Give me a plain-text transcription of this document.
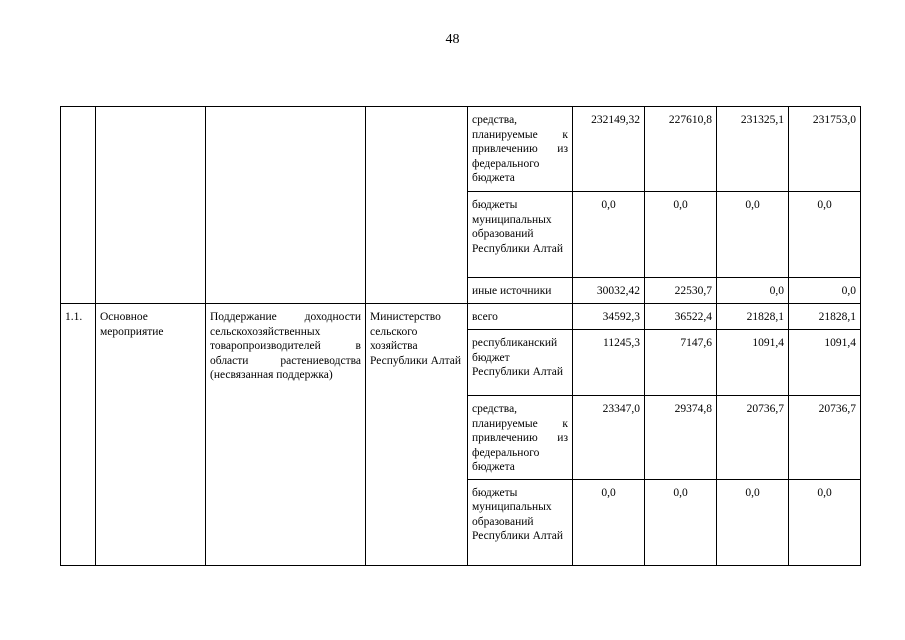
48
				средства, планируемые к привлечению из федерального бюджета	232149,32	227610,8	231325,1	231753,0
				бюджеты муниципальных образований Республики Алтай	0,0	0,0	0,0	0,0
				иные источники	30032,42	22530,7	0,0	0,0
1.1.	Основное мероприятие	Поддержание доходности сельскохозяйственных товаропроизводителей в области растениеводства (несвязанная поддержка)	Министерство сельского хозяйства Республики Алтай	всего	34592,3	36522,4	21828,1	21828,1
				республиканский бюджет Республики Алтай	11245,3	7147,6	1091,4	1091,4
				средства, планируемые к привлечению из федерального бюджета	23347,0	29374,8	20736,7	20736,7
				бюджеты муниципальных образований Республики Алтай	0,0	0,0	0,0	0,0
